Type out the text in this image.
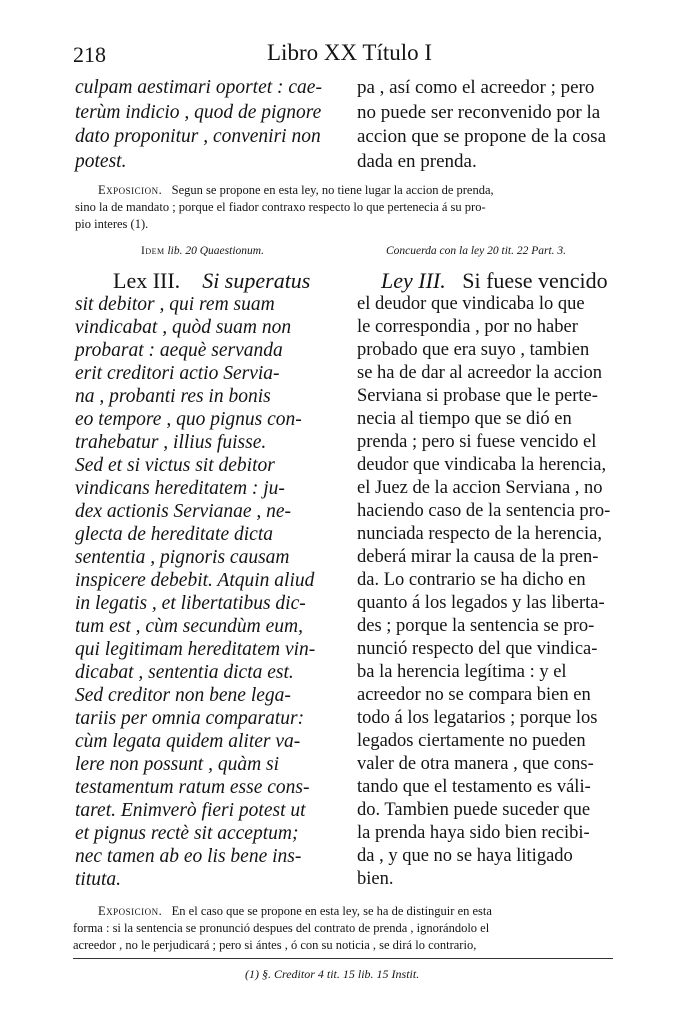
218	Libro XX Título I
culpam aestimari oportet : cae-
terùm indicio , quod de pignore
dato proponitur , conveniri non
potest.
pa , así como el acreedor ; pero
no puede ser reconvenido por la
accion que se propone de la cosa
dada en prenda.
Exposicion. Segun se propone en esta ley, no tiene lugar la accion de prenda,
sino la de mandato ; porque el fiador contraxo respecto lo que pertenecia á su pro-
pio interes (1).
Idem lib. 20 Quaestionum.	Concuerda con la ley 20 tit. 22 Part. 3.
Lex III. Si superatus	Ley III. Si fuese vencido
sit debitor , qui rem suam
vindicabat , quòd suam non
probarat : aequè servanda
erit creditori actio Servia-
na , probanti res in bonis
eo tempore , quo pignus con-
trahebatur , illius fuisse.
Sed et si victus sit debitor
vindicans hereditatem : ju-
dex actionis Servianae , ne-
glecta de hereditate dicta
sententia , pignoris causam
inspicere debebit. Atquin aliud
in legatis , et libertatibus dic-
tum est , cùm secundùm eum,
qui legitimam hereditatem vin-
dicabat , sententia dicta est.
Sed creditor non bene lega-
tariis per omnia comparatur:
cùm legata quidem aliter va-
lere non possunt , quàm si
testamentum ratum esse cons-
taret. Enimverò fieri potest ut
et pignus rectè sit acceptum;
nec tamen ab eo lis bene ins-
tituta.
el deudor que vindicaba lo que
le correspondia , por no haber
probado que era suyo , tambien
se ha de dar al acreedor la accion
Serviana si probase que le perte-
necia al tiempo que se dió en
prenda ; pero si fuese vencido el
deudor que vindicaba la herencia,
el Juez de la accion Serviana , no
haciendo caso de la sentencia pro-
nunciada respecto de la herencia,
deberá mirar la causa de la pren-
da. Lo contrario se ha dicho en
quanto á los legados y las liberta-
des ; porque la sentencia se pro-
nunció respecto del que vindica-
ba la herencia legítima : y el
acreedor no se compara bien en
todo á los legatarios ; porque los
legados ciertamente no pueden
valer de otra manera , que cons-
tando que el testamento es váli-
do. Tambien puede suceder que
la prenda haya sido bien recibi-
da , y que no se haya litigado
bien.
Exposicion. En el caso que se propone en esta ley, se ha de distinguir en esta
forma : si la sentencia se pronunció despues del contrato de prenda , ignorándolo el
acreedor , no le perjudicará ; pero si ántes , ó con su noticia , se dirá lo contrario,
(1) §. Creditor 4 tit. 15 lib. 15 Instit.
